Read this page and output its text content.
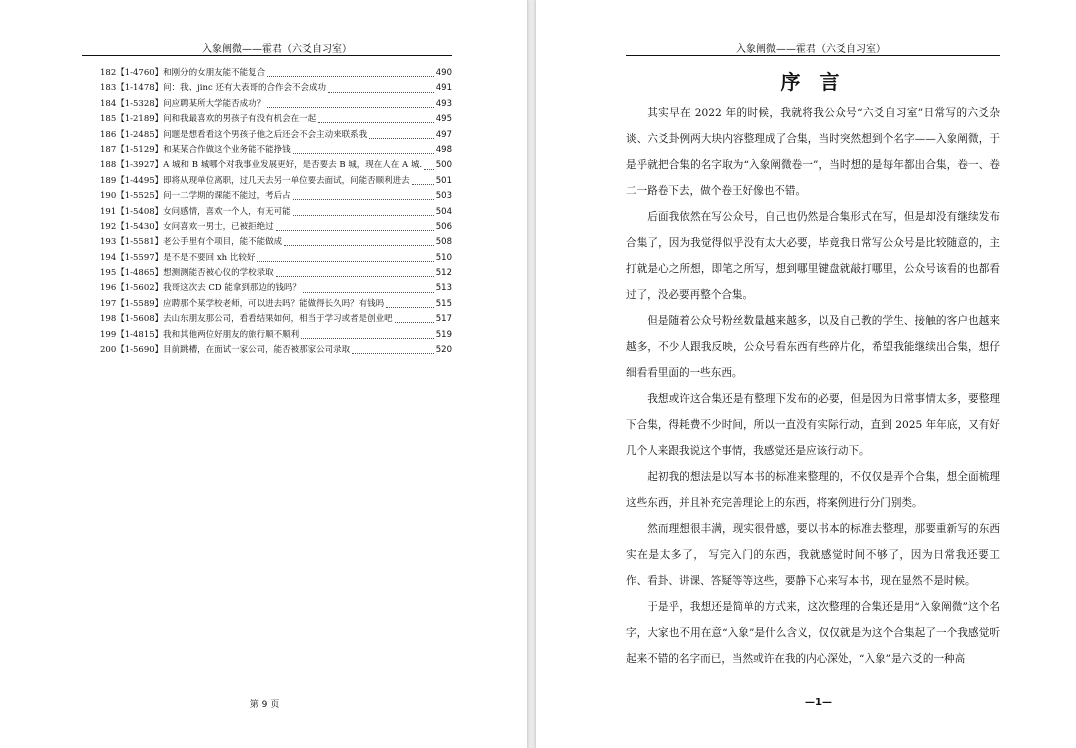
入象阐微——霍君（六爻自习室）
182 【1-4760】 和刚分的女朋友能不能复合	490
183 【1-1478】 问：我、jinc 还有大表哥的合作会不会成功	491
184 【1-5328】 问应聘某所大学能否成功？	493
185 【1-2189】 问和我最喜欢的男孩子有没有机会在一起	495
186 【1-2485】 问题是想看看这个男孩子他之后还会不会主动来联系我	497
187 【1-5129】 和某某合作做这个业务能不能挣钱	498
188 【1-3927】 A 城和 B 城哪个对我事业发展更好，是否要去 B 城，现在人在 A 城. 500
189 【1-4495】 即将从现单位离职，过几天去另一单位要去面试，问能否顺利进去	501
190 【1-5525】 问一二学期的课能不能过，考后占	503
191 【1-5408】 女问感情，喜欢一个人，有无可能	504
192 【1-5430】 女问喜欢一男士，已被拒绝过	506
193 【1-5581】 老公手里有个项目，能不能做成	508
194 【1-5597】 是不是不要回 xh 比较好	510
195 【1-4865】 想测测能否被心仪的学校录取	512
196 【1-5602】 我哥这次去 CD 能拿到那边的钱吗？	513
197 【1-5589】 应聘那个某学校老师，可以进去吗？能做得长久吗？有钱吗	515
198 【1-5608】 去山东朋友那公司，看看结果如何，相当于学习或者是创业吧	517
199 【1-4815】 我和其他两位好朋友的旅行顺不顺利	519
200 【1-5690】 目前跳槽，在面试一家公司，能否被那家公司录取	520
第 9 页
入象阐微——霍君（六爻自习室）
序 言

其实早在 2022 年的时候，我就将我公众号“六爻自习室”日常写的六爻杂谈、六爻卦例两大块内容整理成了合集，当时突然想到个名字——入象阐微，于是乎就把合集的名字取为“入象阐微卷一”，当时想的是每年都出合集，卷一、卷二一路卷下去，做个卷王好像也不错。

后面我依然在写公众号，自己也仍然是合集形式在写，但是却没有继续发布合集了，因为我觉得似乎没有太大必要，毕竟我日常写公众号是比较随意的，主打就是心之所想，即笔之所写，想到哪里键盘就敲打哪里，公众号该看的也都看过了，没必要再整个合集。

但是随着公众号粉丝数量越来越多，以及自己教的学生、接触的客户也越来越多，不少人跟我反映，公众号看东西有些碎片化，希望我能继续出合集，想仔细看看里面的一些东西。

我想或许这合集还是有整理下发布的必要，但是因为日常事情太多，要整理下合集，得耗费不少时间，所以一直没有实际行动，直到 2025 年年底，又有好几个人来跟我说这个事情，我感觉还是应该行动下。

起初我的想法是以写本书的标准来整理的，不仅仅是弄个合集，想全面梳理这些东西，并且补充完善理论上的东西，将案例进行分门别类。

然而理想很丰满，现实很骨感，要以书本的标准去整理，那要重新写的东西实在是太多了， 写完入门的东西，我就感觉时间不够了，因为日常我还要工作、看卦、讲课、答疑等等这些，要静下心来写本书，现在显然不是时候。

于是乎，我想还是简单的方式来，这次整理的合集还是用“入象阐微”这个名字，大家也不用在意“入象”是什么含义，仅仅就是为这个合集起了一个我感觉听起来不错的名字而已，当然或许在我的内心深处，“入象”是六爻的一种高

—1—
